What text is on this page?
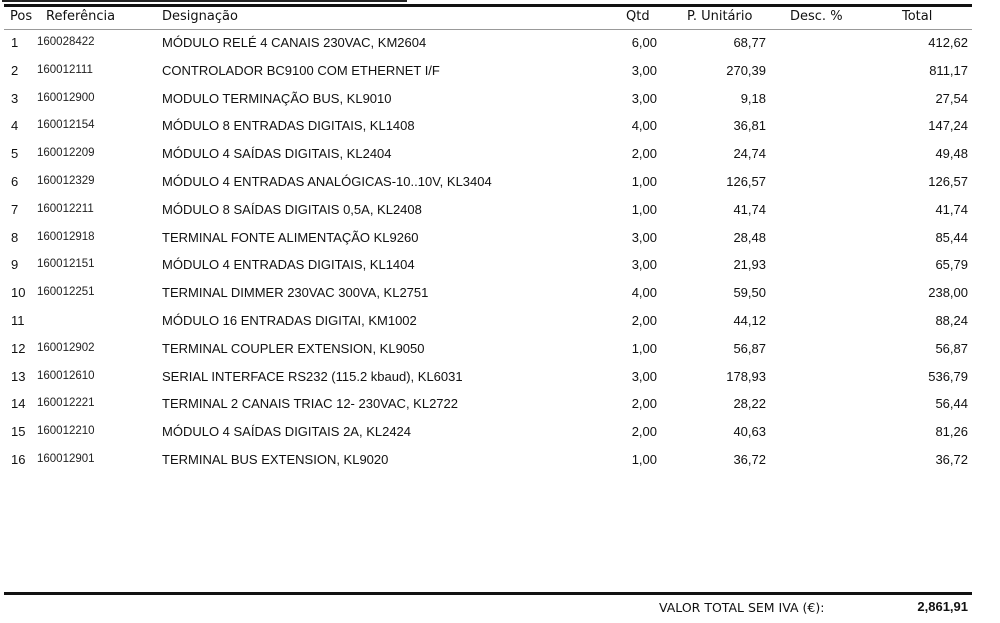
Pos Referência	Designação	Qtd	P. Unitário	Desc. %	Total
1 160028422	MÓDULO RELÉ 4 CANAIS 230VAC, KM2604	6,00	68,77	412,62
2 160012111	CONTROLADOR BC9100 COM ETHERNET I/F	3,00	270,39	811,17
3 160012900	MODULO TERMINAÇÃO BUS, KL9010	3,00	9,18	27,54
4 160012154	MÓDULO 8 ENTRADAS DIGITAIS, KL1408	4,00	36,81	147,24
5 160012209	MÓDULO 4 SAÍDAS DIGITAIS, KL2404	2,00	24,74	49,48
6 160012329	MÓDULO 4 ENTRADAS ANALÓGICAS-10..10V, KL3404	1,00	126,57	126,57
7 160012211	MÓDULO 8 SAÍDAS DIGITAIS 0,5A, KL2408	1,00	41,74	41,74
8 160012918	TERMINAL FONTE ALIMENTAÇÃO KL9260	3,00	28,48	85,44
9 160012151	MÓDULO 4 ENTRADAS DIGITAIS, KL1404	3,00	21,93	65,79
10 160012251	TERMINAL DIMMER 230VAC 300VA, KL2751	4,00	59,50	238,00
11	MÓDULO 16 ENTRADAS DIGITAI, KM1002	2,00	44,12	88,24
12 160012902	TERMINAL COUPLER EXTENSION, KL9050	1,00	56,87	56,87
13 160012610	SERIAL INTERFACE RS232 (115.2 kbaud), KL6031	3,00	178,93	536,79
14 160012221	TERMINAL 2 CANAIS TRIAC 12- 230VAC, KL2722	2,00	28,22	56,44
15 160012210	MÓDULO 4 SAÍDAS DIGITAIS 2A, KL2424	2,00	40,63	81,26
16 160012901	TERMINAL BUS EXTENSION, KL9020	1,00	36,72	36,72
VALOR TOTAL SEM IVA (€):	2,861,91
